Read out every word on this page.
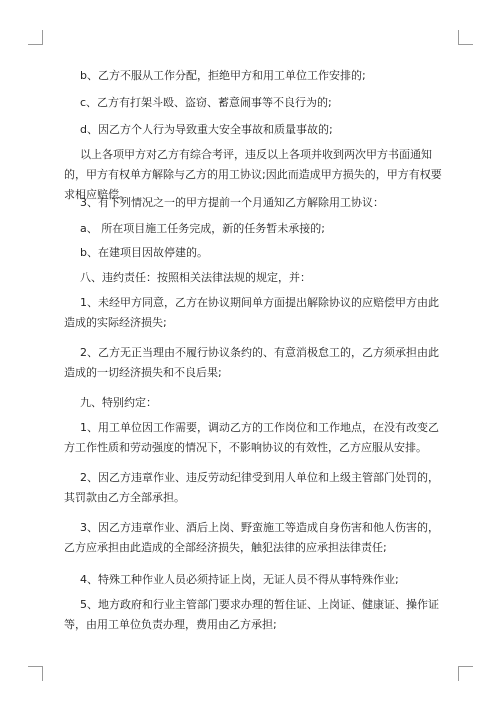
b、乙方不服从工作分配，拒绝甲方和用工单位工作安排的;
c、乙方有打架斗殴、盗窃、蓄意闹事等不良行为的;
d、因乙方个人行为导致重大安全事故和质量事故的;
以上各项甲方对乙方有综合考评，违反以上各项并收到两次甲方书面通知的，甲方有权单方解除与乙方的用工协议;因此而造成甲方损失的，甲方有权要求相应赔偿。
3、有下列情况之一的甲方提前一个月通知乙方解除用工协议：
a、 所在项目施工任务完成，新的任务暂未承接的;
b、在建项目因故停建的。
八、违约责任：按照相关法律法规的规定，并：
1、未经甲方同意，乙方在协议期间单方面提出解除协议的应赔偿甲方由此造成的实际经济损失;
2、乙方无正当理由不履行协议条约的、有意消极怠工的，乙方须承担由此造成的一切经济损失和不良后果;
九、特别约定：
1、用工单位因工作需要，调动乙方的工作岗位和工作地点，在没有改变乙方工作性质和劳动强度的情况下，不影响协议的有效性，乙方应服从安排。
2、因乙方违章作业、违反劳动纪律受到用人单位和上级主管部门处罚的，其罚款由乙方全部承担。
3、因乙方违章作业、酒后上岗、野蛮施工等造成自身伤害和他人伤害的，乙方应承担由此造成的全部经济损失，触犯法律的应承担法律责任;
4、特殊工种作业人员必须持证上岗，无证人员不得从事特殊作业;
5、地方政府和行业主管部门要求办理的暂住证、上岗证、健康证、操作证等，由用工单位负责办理，费用由乙方承担;
